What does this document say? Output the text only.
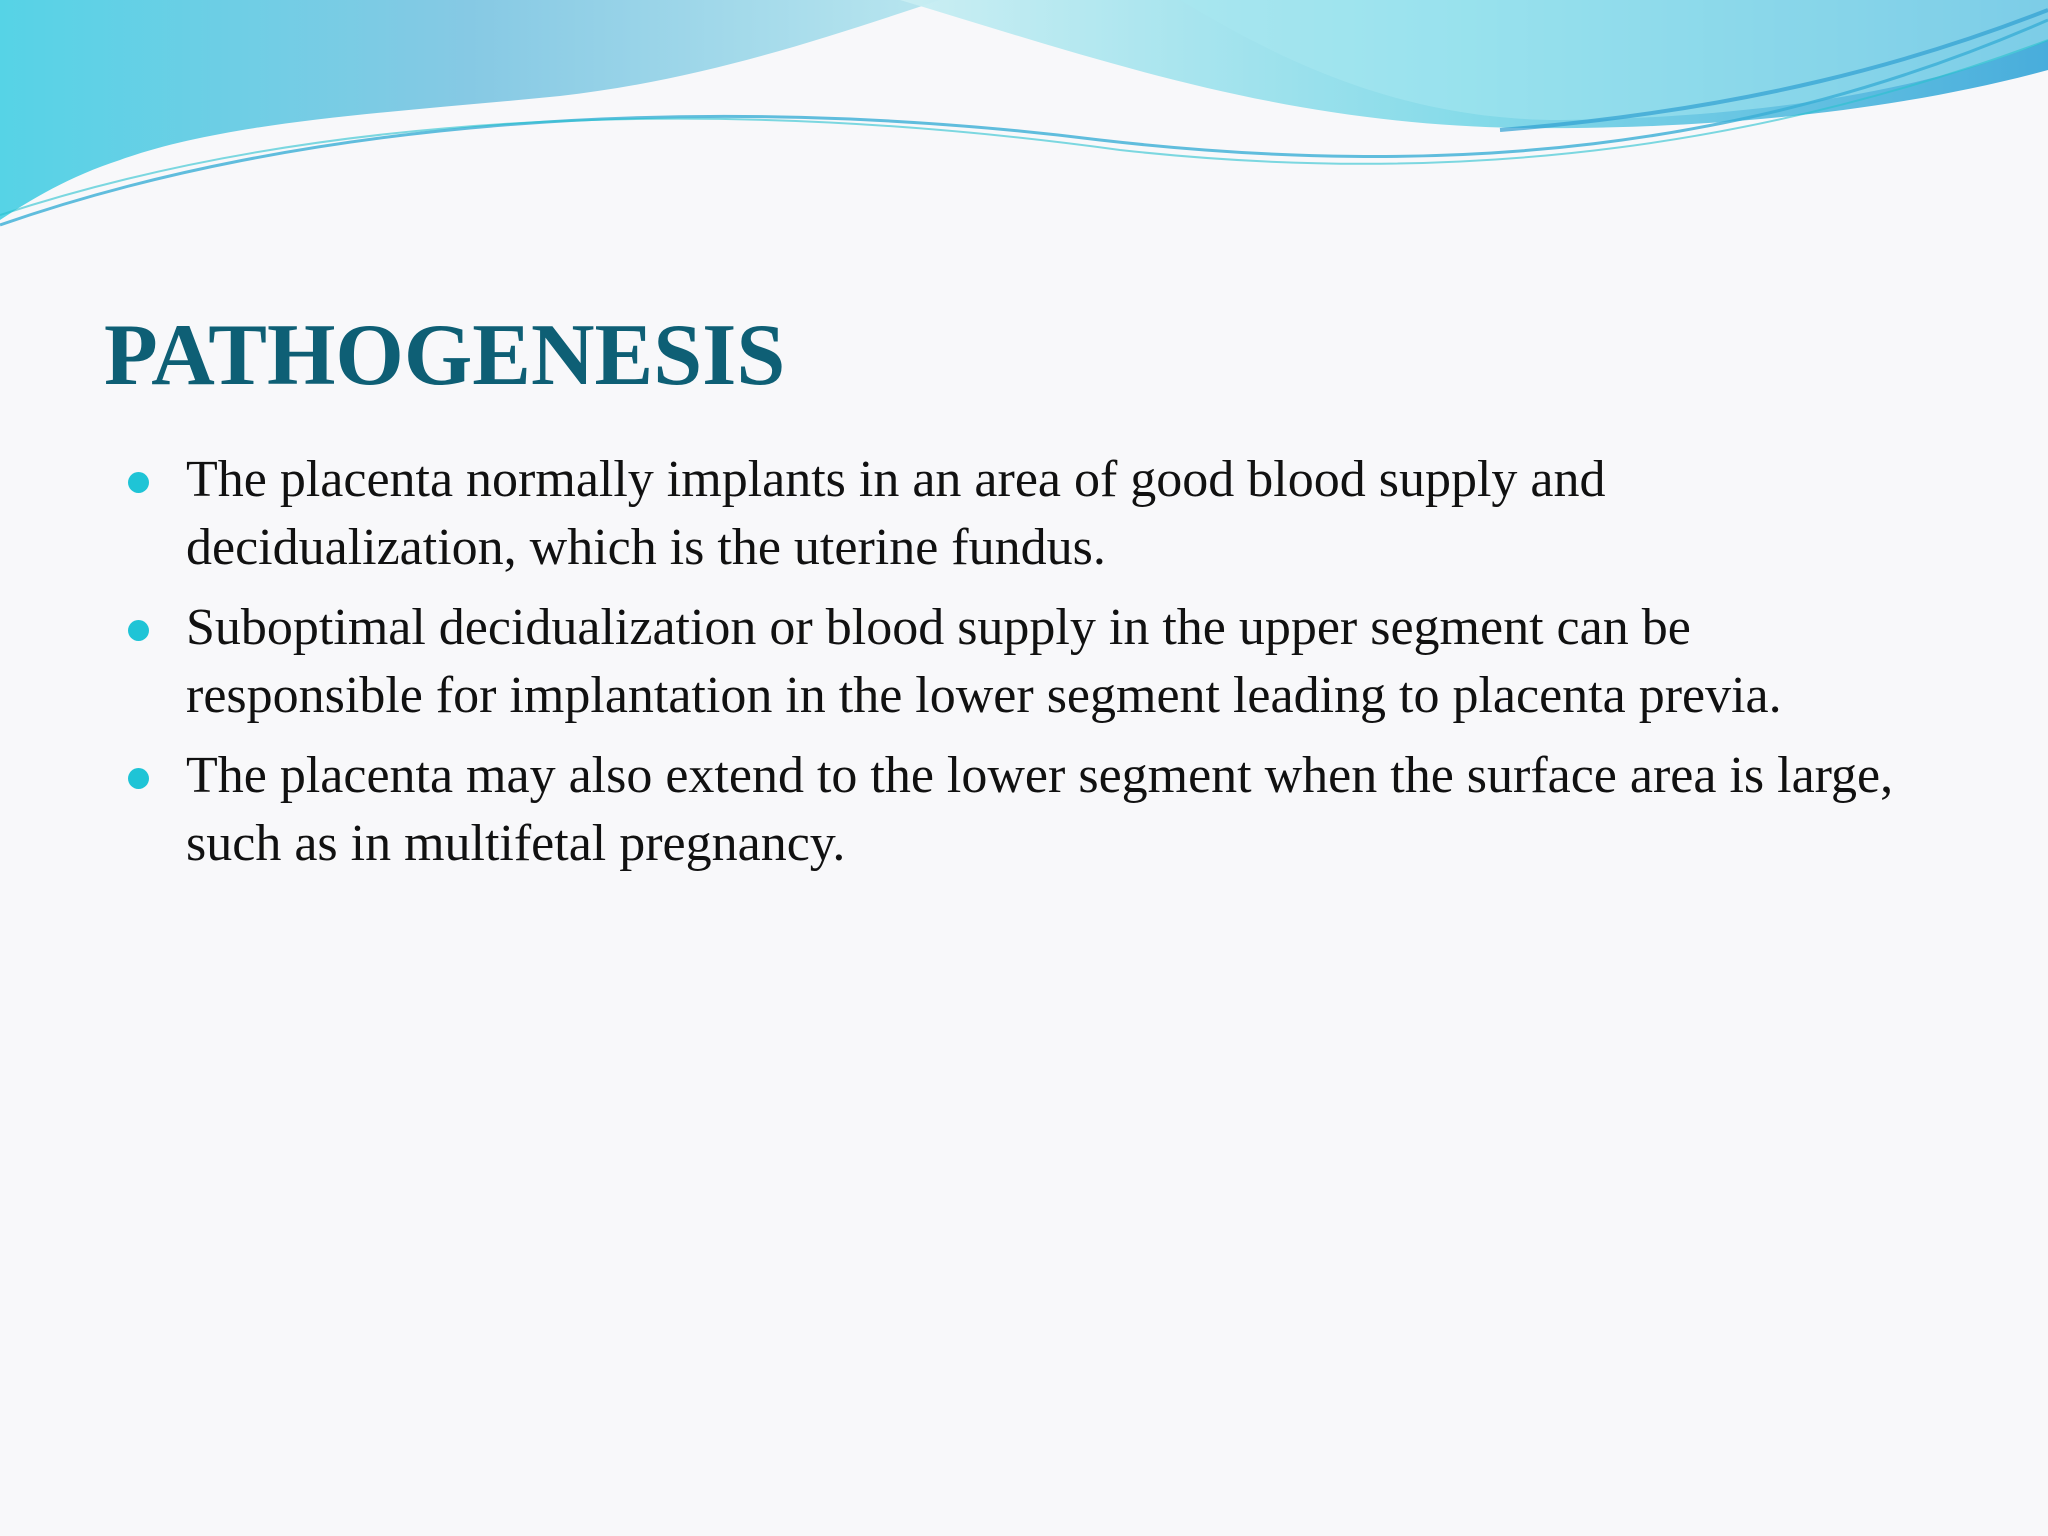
PATHOGENESIS
The placenta normally implants in an area of good blood supply and decidualization, which is the uterine fundus.
Suboptimal decidualization or blood supply in the upper segment can be responsible for implantation in the lower segment leading to placenta previa.
The placenta may also extend to the lower segment when the surface area is large, such as in multifetal pregnancy.
